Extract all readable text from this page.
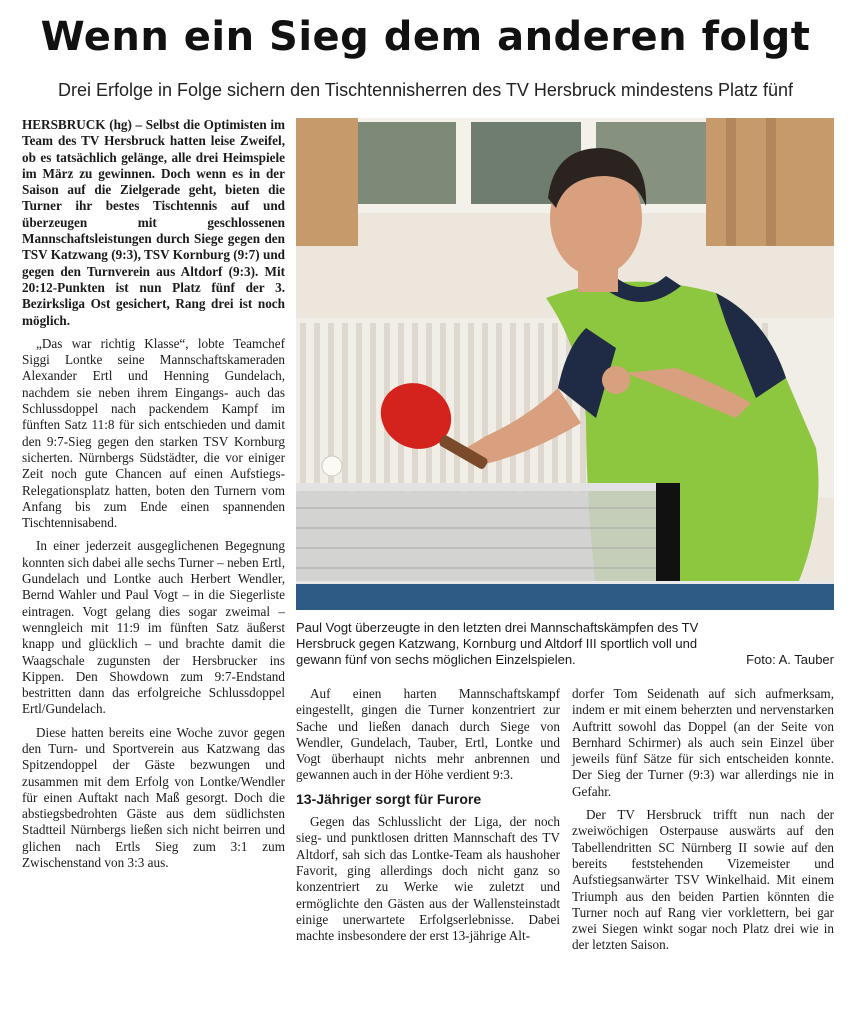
Wenn ein Sieg dem anderen folgt

Drei Erfolge in Folge sichern den Tischtennisherren des TV Hersbruck mindestens Platz fünf

HERSBRUCK (hg) – Selbst die Optimisten im Team des TV Hersbruck hatten leise Zweifel, ob es tatsächlich gelänge, alle drei Heimspiele im März zu gewinnen. Doch wenn es in der Saison auf die Zielgerade geht, bieten die Turner ihr bestes Tischtennis auf und überzeugen mit geschlossenen Mannschaftsleistungen durch Siege gegen den TSV Katzwang (9:3), TSV Kornburg (9:7) und gegen den Turnverein aus Altdorf (9:3). Mit 20:12-Punkten ist nun Platz fünf der 3. Bezirksliga Ost gesichert, Rang drei ist noch möglich.

„Das war richtig Klasse“, lobte Teamchef Siggi Lontke seine Mannschaftskameraden Alexander Ertl und Henning Gundelach, nachdem sie neben ihrem Eingangs- auch das Schlussdoppel nach packendem Kampf im fünften Satz 11:8 für sich entschieden und damit den 9:7-Sieg gegen den starken TSV Kornburg sicherten. Nürnbergs Südstädter, die vor einiger Zeit noch gute Chancen auf einen Aufstiegs-Relegationsplatz hatten, boten den Turnern vom Anfang bis zum Ende einen spannenden Tischtennisabend.

In einer jederzeit ausgeglichenen Begegnung konnten sich dabei alle sechs Turner – neben Ertl, Gundelach und Lontke auch Herbert Wendler, Bernd Wahler und Paul Vogt – in die Siegerliste eintragen. Vogt gelang dies sogar zweimal – wenngleich mit 11:9 im fünften Satz äußerst knapp und glücklich – und brachte damit die Waagschale zugunsten der Hersbrucker ins Kippen. Den Showdown zum 9:7-Endstand bestritten dann das erfolgreiche Schlussdoppel Ertl/Gundelach.

Diese hatten bereits eine Woche zuvor gegen den Turn- und Sportverein aus Katzwang das Spitzendoppel der Gäste bezwungen und zusammen mit dem Erfolg von Lontke/Wendler für einen Auftakt nach Maß gesorgt. Doch die abstiegsbedrohten Gäste aus dem südlichsten Stadtteil Nürnbergs ließen sich nicht beirren und glichen nach Ertls Sieg zum 3:1 zum Zwischenstand von 3:3 aus.

Paul Vogt überzeugte in den letzten drei Mannschaftskämpfen des TV Hersbruck gegen Katzwang, Kornburg und Altdorf III sportlich voll und gewann fünf von sechs möglichen Einzelspielen.	Foto: A. Tauber

Auf einen harten Mannschaftskampf eingestellt, gingen die Turner konzentriert zur Sache und ließen danach durch Siege von Wendler, Gundelach, Tauber, Ertl, Lontke und Vogt überhaupt nichts mehr anbrennen und gewannen auch in der Höhe verdient 9:3.

13-Jähriger sorgt für Furore

Gegen das Schlusslicht der Liga, der noch sieg- und punktlosen dritten Mannschaft des TV Altdorf, sah sich das Lontke-Team als haushoher Favorit, ging allerdings doch nicht ganz so konzentriert zu Werke wie zuletzt und ermöglichte den Gästen aus der Wallensteinstadt einige unerwartete Erfolgserlebnisse. Dabei machte insbesondere der erst 13-jährige Alt-

dorfer Tom Seidenath auf sich aufmerksam, indem er mit einem beherzten und nervenstarken Auftritt sowohl das Doppel (an der Seite von Bernhard Schirmer) als auch sein Einzel über jeweils fünf Sätze für sich entscheiden konnte. Der Sieg der Turner (9:3) war allerdings nie in Gefahr.

Der TV Hersbruck trifft nun nach der zweiwöchigen Osterpause auswärts auf den Tabellendritten SC Nürnberg II sowie auf den bereits feststehenden Vizemeister und Aufstiegsanwärter TSV Winkelhaid. Mit einem Triumph aus den beiden Partien könnten die Turner noch auf Rang vier vorklettern, bei gar zwei Siegen winkt sogar noch Platz drei wie in der letzten Saison.
